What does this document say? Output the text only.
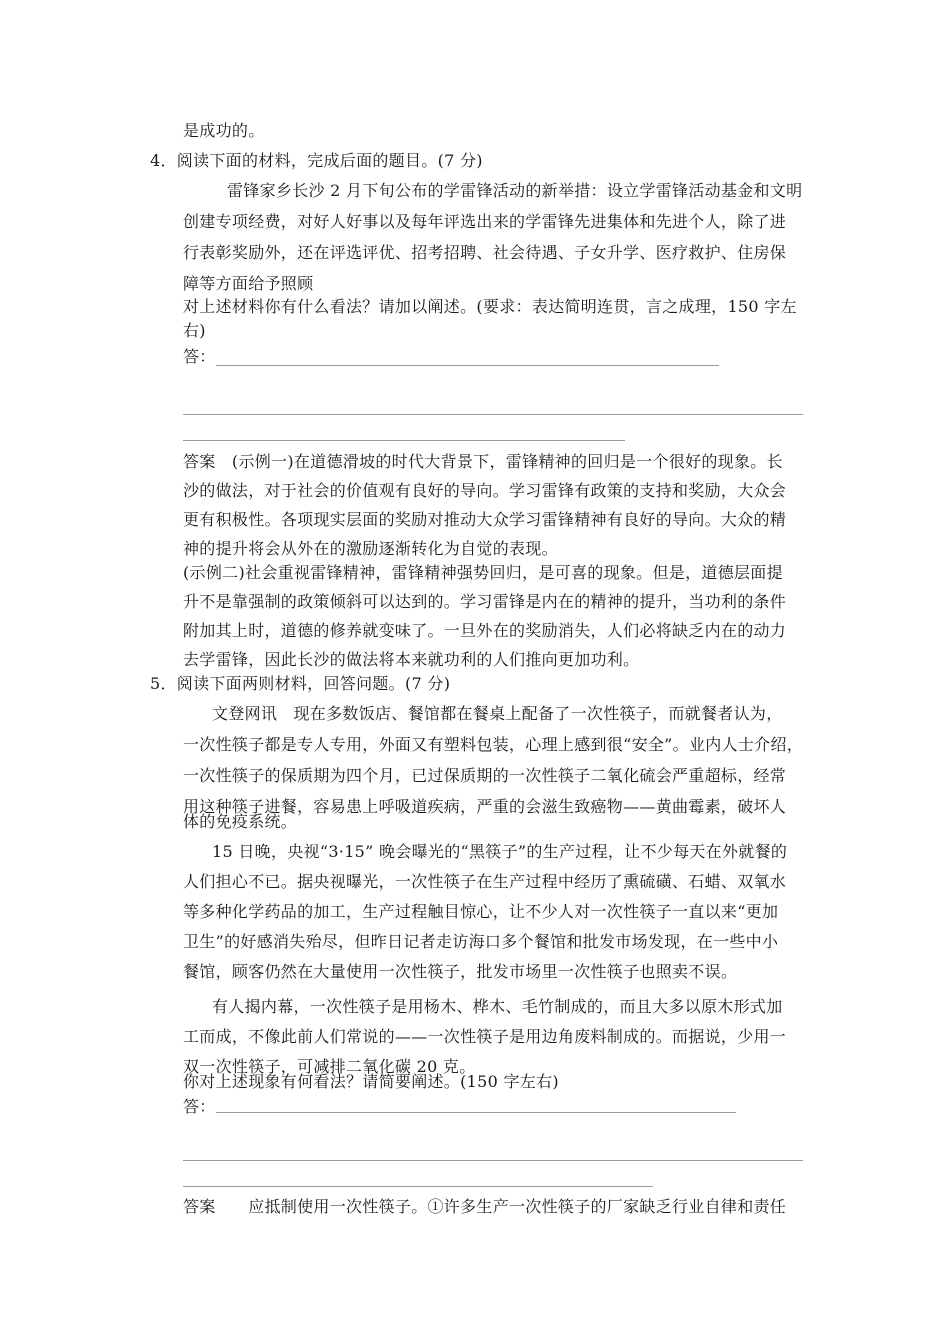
是成功的。
4．阅读下面的材料，完成后面的题目。(7 分)
雷锋家乡长沙 2 月下旬公布的学雷锋活动的新举措：设立学雷锋活动基金和文明
创建专项经费，对好人好事以及每年评选出来的学雷锋先进集体和先进个人，除了进
行表彰奖励外，还在评选评优、招考招聘、社会待遇、子女升学、医疗救护、住房保
障等方面给予照顾
对上述材料你有什么看法？请加以阐述。(要求：表达简明连贯，言之成理，150 字左
右)
答：
答案　(示例一)在道德滑坡的时代大背景下，雷锋精神的回归是一个很好的现象。长
沙的做法，对于社会的价值观有良好的导向。学习雷锋有政策的支持和奖励，大众会
更有积极性。各项现实层面的奖励对推动大众学习雷锋精神有良好的导向。大众的精
神的提升将会从外在的激励逐渐转化为自觉的表现。
(示例二)社会重视雷锋精神，雷锋精神强势回归，是可喜的现象。但是，道德层面提
升不是靠强制的政策倾斜可以达到的。学习雷锋是内在的精神的提升，当功利的条件
附加其上时，道德的修养就变味了。一旦外在的奖励消失，人们必将缺乏内在的动力
去学雷锋，因此长沙的做法将本来就功利的人们推向更加功利。
5．阅读下面两则材料，回答问题。(7 分)
文登网讯　现在多数饭店、餐馆都在餐桌上配备了一次性筷子，而就餐者认为，
一次性筷子都是专人专用，外面又有塑料包装，心理上感到很“安全”。业内人士介绍，
一次性筷子的保质期为四个月，已过保质期的一次性筷子二氧化硫会严重超标，经常
用这种筷子进餐，容易患上呼吸道疾病，严重的会滋生致癌物——黄曲霉素，破坏人
体的免疫系统。
15 日晚，央视“3·15” 晚会曝光的“黑筷子”的生产过程，让不少每天在外就餐的
人们担心不已。据央视曝光，一次性筷子在生产过程中经历了熏硫磺、石蜡、双氧水
等多种化学药品的加工，生产过程触目惊心，让不少人对一次性筷子一直以来“更加
卫生”的好感消失殆尽，但昨日记者走访海口多个餐馆和批发市场发现，在一些中小
餐馆，顾客仍然在大量使用一次性筷子，批发市场里一次性筷子也照卖不误。
有人揭内幕，一次性筷子是用杨木、桦木、毛竹制成的，而且大多以原木形式加
工而成，不像此前人们常说的——一次性筷子是用边角废料制成的。而据说，少用一
双一次性筷子，可减排二氧化碳 20 克。
你对上述现象有何看法？请简要阐述。(150 字左右)
答：
答案　　应抵制使用一次性筷子。①许多生产一次性筷子的厂家缺乏行业自律和责任
